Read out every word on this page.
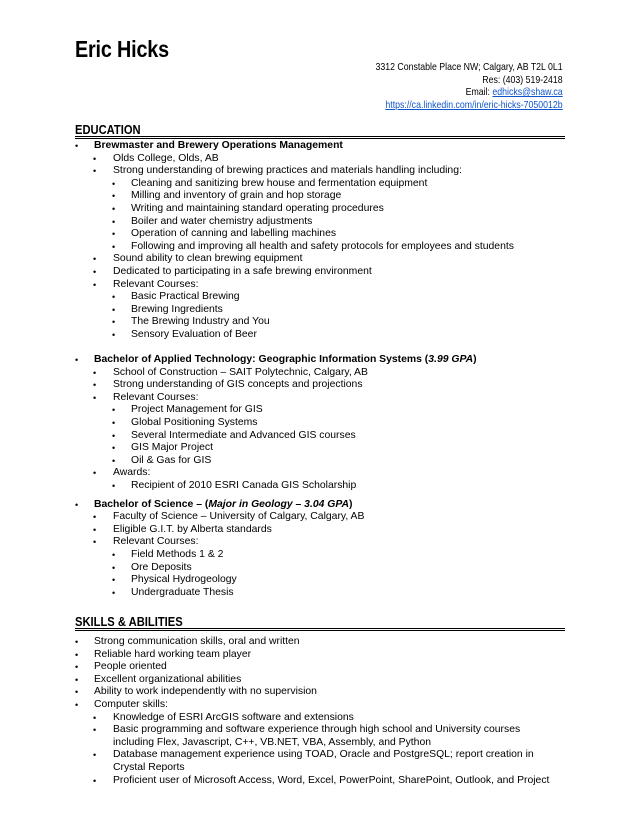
Eric Hicks
3312 Constable Place NW; Calgary, AB T2L 0L1
Res: (403) 519-2418
Email: edhicks@shaw.ca
https://ca.linkedin.com/in/eric-hicks-7050012b
EDUCATION
• Brewmaster and Brewery Operations Management
• Olds College, Olds, AB
• Strong understanding of brewing practices and materials handling including:
• Cleaning and sanitizing brew house and fermentation equipment
• Milling and inventory of grain and hop storage
• Writing and maintaining standard operating procedures
• Boiler and water chemistry adjustments
• Operation of canning and labelling machines
• Following and improving all health and safety protocols for employees and students
• Sound ability to clean brewing equipment
• Dedicated to participating in a safe brewing environment
• Relevant Courses:
• Basic Practical Brewing
• Brewing Ingredients
• The Brewing Industry and You
• Sensory Evaluation of Beer
• Bachelor of Applied Technology: Geographic Information Systems (3.99 GPA)
• School of Construction – SAIT Polytechnic, Calgary, AB
• Strong understanding of GIS concepts and projections
• Relevant Courses:
• Project Management for GIS
• Global Positioning Systems
• Several Intermediate and Advanced GIS courses
• GIS Major Project
• Oil & Gas for GIS
• Awards:
• Recipient of 2010 ESRI Canada GIS Scholarship
• Bachelor of Science – (Major in Geology – 3.04 GPA)
• Faculty of Science – University of Calgary, Calgary, AB
• Eligible G.I.T. by Alberta standards
• Relevant Courses:
• Field Methods 1 & 2
• Ore Deposits
• Physical Hydrogeology
• Undergraduate Thesis
SKILLS & ABILITIES
• Strong communication skills, oral and written
• Reliable hard working team player
• People oriented
• Excellent organizational abilities
• Ability to work independently with no supervision
• Computer skills:
• Knowledge of ESRI ArcGIS software and extensions
• Basic programming and software experience through high school and University courses
including Flex, Javascript, C++, VB.NET, VBA, Assembly, and Python
• Database management experience using TOAD, Oracle and PostgreSQL; report creation in
Crystal Reports
• Proficient user of Microsoft Access, Word, Excel, PowerPoint, SharePoint, Outlook, and Project
